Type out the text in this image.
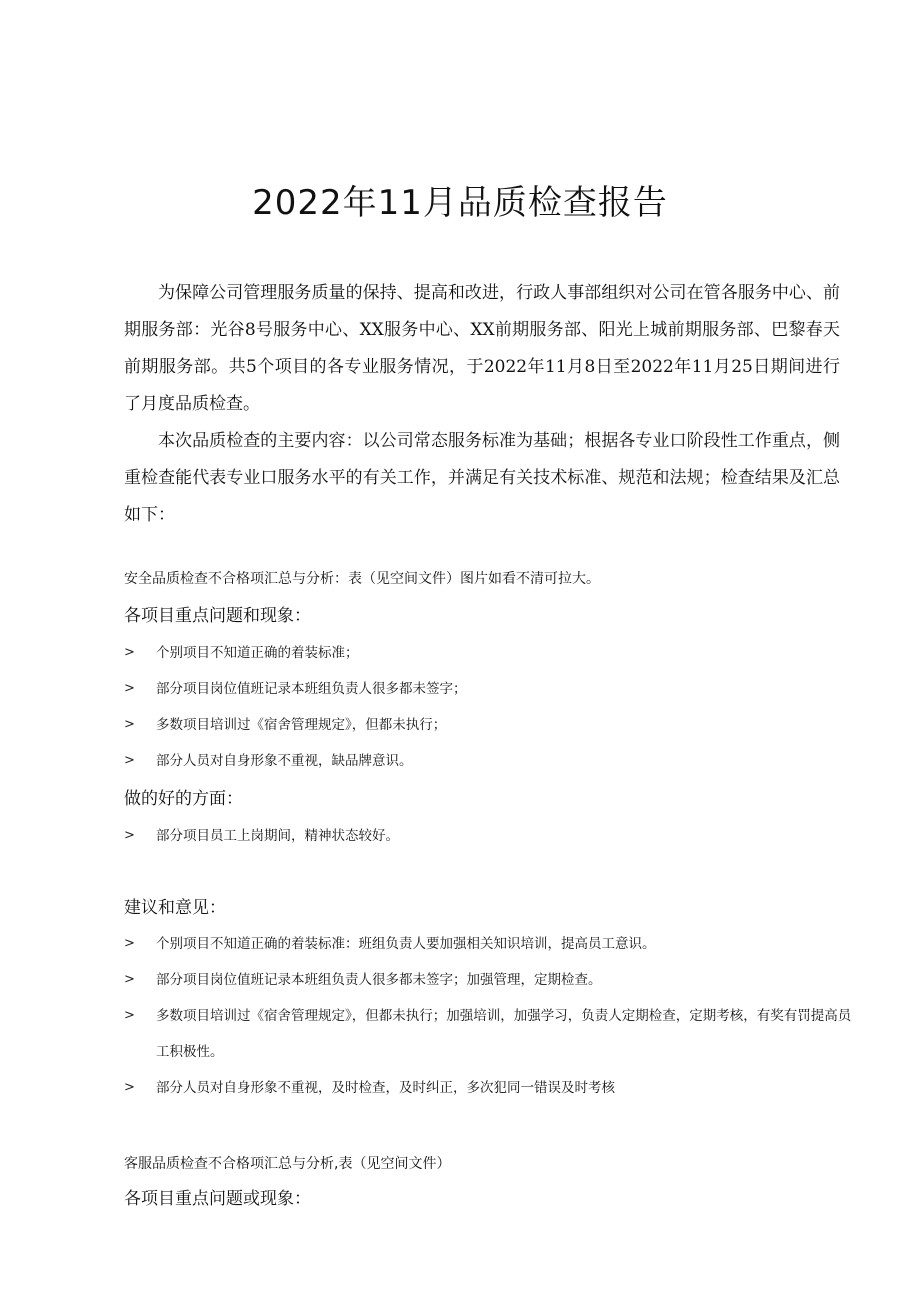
2022年11月品质检查报告
为保障公司管理服务质量的保持、提高和改进，行政人事部组织对公司在管各服务中心、前期服务部：光谷8号服务中心、XX服务中心、XX前期服务部、阳光上城前期服务部、巴黎春天前期服务部。共5个项目的各专业服务情况，于2022年11月8日至2022年11月25日期间进行了月度品质检查。
本次品质检查的主要内容：以公司常态服务标准为基础；根据各专业口阶段性工作重点，侧重检查能代表专业口服务水平的有关工作，并满足有关技术标准、规范和法规；检查结果及汇总如下：
安全品质检查不合格项汇总与分析：表（见空间文件）图片如看不清可拉大。
各项目重点问题和现象：
>	个别项目不知道正确的着装标准；
>	部分项目岗位值班记录本班组负责人很多都未签字；
>	多数项目培训过《宿舍管理规定》，但都未执行；
>	部分人员对自身形象不重视，缺品牌意识。
做的好的方面：
>	部分项目员工上岗期间，精神状态较好。
建议和意见：
>	个别项目不知道正确的着装标准：班组负责人要加强相关知识培训，提高员工意识。
>	部分项目岗位值班记录本班组负责人很多都未签字；加强管理，定期检查。
>	多数项目培训过《宿舍管理规定》，但都未执行；加强培训，加强学习，负责人定期检查，定期考核，有奖有罚提高员工积极性。
>	部分人员对自身形象不重视，及时检查，及时纠正，多次犯同一错误及时考核
客服品质检查不合格项汇总与分析,表（见空间文件）
各项目重点问题或现象：
